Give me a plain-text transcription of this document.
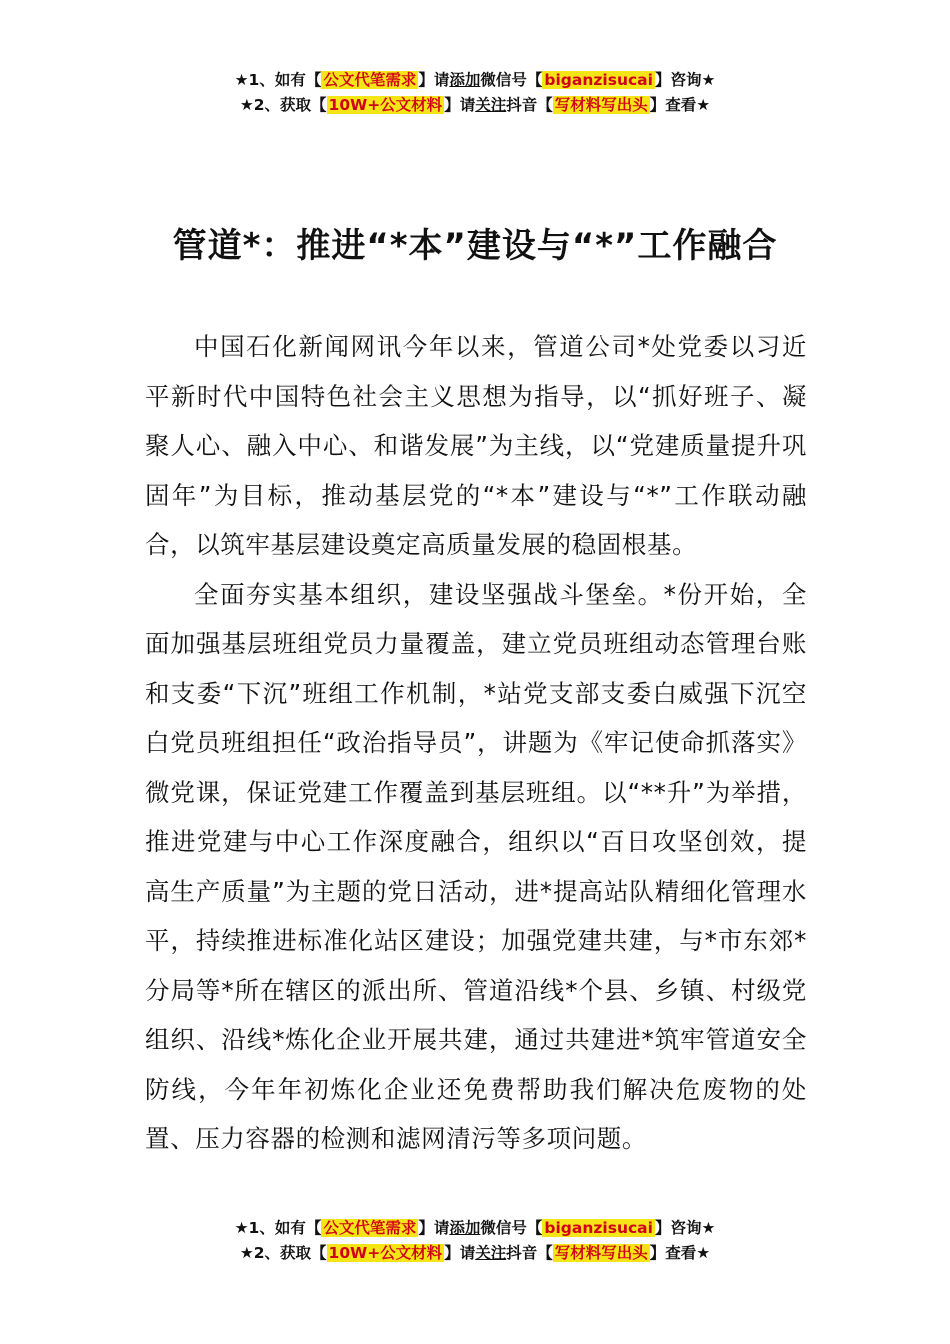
★1、如有【 公文代笔需求 】请添加微信号【 biganzisucai 】咨询★
★2、获取【 10W+公文材料 】请关注抖音【 写材料写出头 】查看★
管道*：推进“*本”建设与“*”工作融合

中国石化新闻网讯今年以来，管道公司*处党委以习近平新时代中国特色社会主义思想为指导，以“抓好班子、凝聚人心、融入中心、和谐发展”为主线，以“党建质量提升巩固年”为目标，推动基层党的“*本”建设与“*”工作联动融合，以筑牢基层建设奠定高质量发展的稳固根基。

全面夯实基本组织，建设坚强战斗堡垒。*份开始，全面加强基层班组党员力量覆盖，建立党员班组动态管理台账和支委“下沉”班组工作机制，*站党支部支委白威强下沉空白党员班组担任“政治指导员”，讲题为《牢记使命抓落实》微党课，保证党建工作覆盖到基层班组。以“**升”为举措，推进党建与中心工作深度融合，组织以“百日攻坚创效，提高生产质量”为主题的党日活动，进*提高站队精细化管理水平，持续推进标准化站区建设；加强党建共建，与*市东郊*分局等*所在辖区的派出所、管道沿线*个县、乡镇、村级党组织、沿线*炼化企业开展共建，通过共建进*筑牢管道安全防线，今年年初炼化企业还免费帮助我们解决危废物的处置、压力容器的检测和滤网清污等多项问题。

★1、如有【 公文代笔需求 】请添加微信号【 biganzisucai 】咨询★
★2、获取【 10W+公文材料 】请关注抖音【 写材料写出头 】查看★
